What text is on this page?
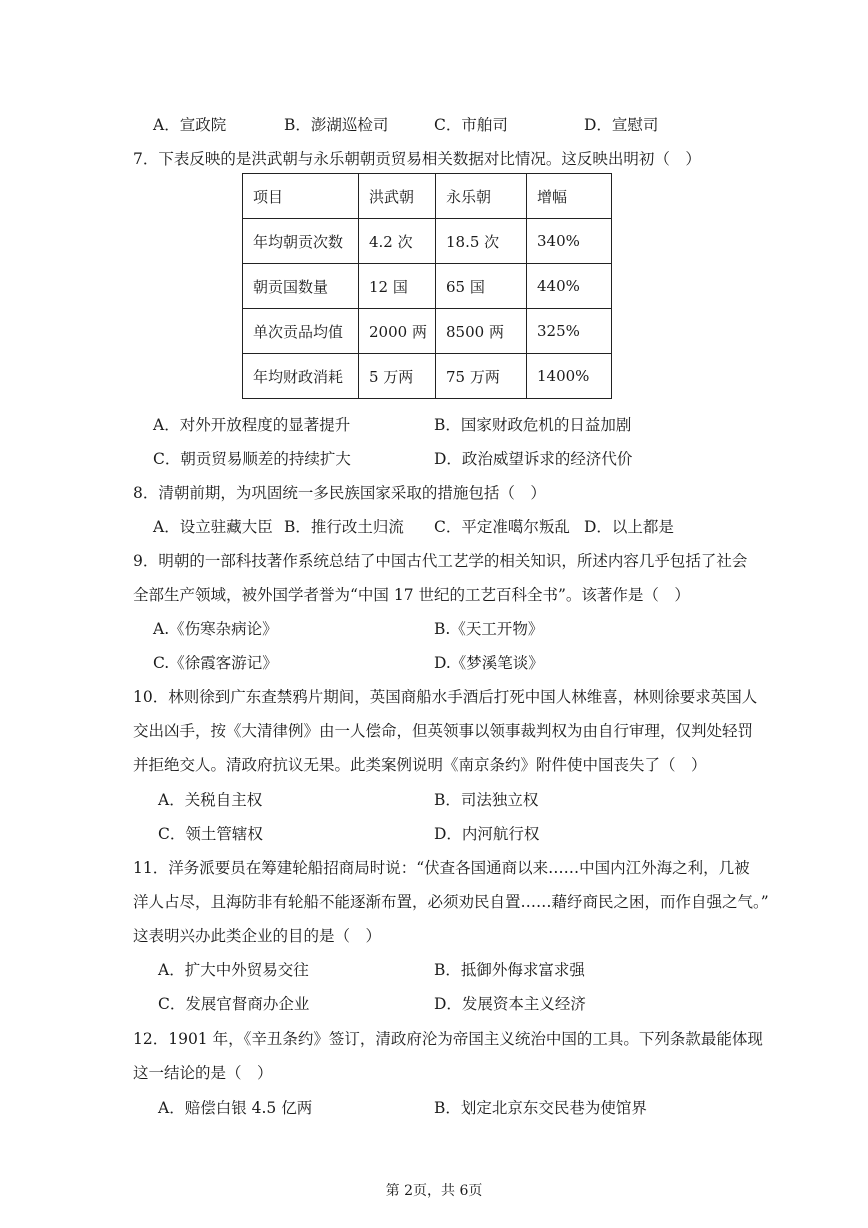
A．宣政院	B．澎湖巡检司	C．市舶司	D．宣慰司
7．下表反映的是洪武朝与永乐朝朝贡贸易相关数据对比情况。这反映出明初（　）
项目	洪武朝	永乐朝	增幅
年均朝贡次数	4.2 次	18.5 次	340%
朝贡国数量	12 国	65 国	440%
单次贡品均值	2000 两	8500 两	325%
年均财政消耗	5 万两	75 万两	1400%
A．对外开放程度的显著提升	B．国家财政危机的日益加剧
C．朝贡贸易顺差的持续扩大	D．政治威望诉求的经济代价
8．清朝前期，为巩固统一多民族国家采取的措施包括（　）
A．设立驻藏大臣 B．推行改土归流 C．平定准噶尔叛乱 D．以上都是
9．明朝的一部科技著作系统总结了中国古代工艺学的相关知识，所述内容几乎包括了社会
全部生产领域，被外国学者誉为“中国 17 世纪的工艺百科全书”。该著作是（　）
A.《伤寒杂病论》	B.《天工开物》
C.《徐霞客游记》	D.《梦溪笔谈》
10．林则徐到广东查禁鸦片期间，英国商船水手酒后打死中国人林维喜，林则徐要求英国人
交出凶手，按《大清律例》由一人偿命，但英领事以领事裁判权为由自行审理，仅判处轻罚
并拒绝交人。清政府抗议无果。此类案例说明《南京条约》附件使中国丧失了（　）
A．关税自主权	B．司法独立权
C．领土管辖权	D．内河航行权
11．洋务派要员在筹建轮船招商局时说：“伏查各国通商以来……中国内江外海之利，几被
洋人占尽，且海防非有轮船不能逐渐布置，必须劝民自置……藉纾商民之困，而作自强之气。”
这表明兴办此类企业的目的是（　）
A．扩大中外贸易交往	B．抵御外侮求富求强
C．发展官督商办企业	D．发展资本主义经济
12．1901 年，《辛丑条约》签订，清政府沦为帝国主义统治中国的工具。下列条款最能体现
这一结论的是（　）
A．赔偿白银 4.5 亿两	B．划定北京东交民巷为使馆界
第 2页，共 6页
